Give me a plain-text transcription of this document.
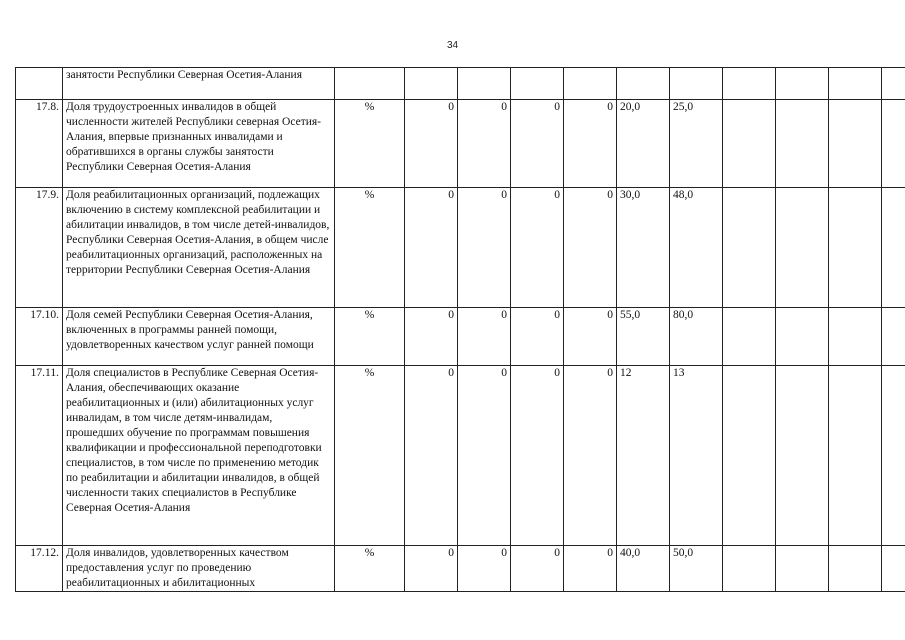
34
	занятости Республики Северная Осетия-Алания											
17.8.	Доля трудоустроенных инвалидов в общей численности жителей Республики северная Осетия-Алания, впервые признанных инвалидами и обратившихся в органы службы занятости Республики Северная Осетия-Алания	%	0	0	0	0	20,0	25,0				
17.9.	Доля реабилитационных организаций, подлежащих включению в систему комплексной реабилитации и абилитации инвалидов, в том числе детей-инвалидов, Республики Северная Осетия-Алания, в общем числе реабилитационных организаций, расположенных на территории Республики Северная Осетия-Алания	%	0	0	0	0	30,0	48,0				
17.10.	Доля семей Республики Северная Осетия-Алания, включенных в программы ранней помощи, удовлетворенных качеством услуг ранней помощи	%	0	0	0	0	55,0	80,0				
17.11.	Доля специалистов в Республике Северная Осетия-Алания, обеспечивающих оказание реабилитационных и (или) абилитационных услуг инвалидам, в том числе детям-инвалидам, прошедших обучение по программам повышения квалификации и профессиональной переподготовки специалистов, в том числе по применению методик по реабилитации и абилитации инвалидов, в общей численности таких специалистов в Республике Северная Осетия-Алания	%	0	0	0	0	12	13				
17.12.	Доля инвалидов, удовлетворенных качеством предоставления услуг по проведению реабилитационных и абилитационных	%	0	0	0	0	40,0	50,0				
